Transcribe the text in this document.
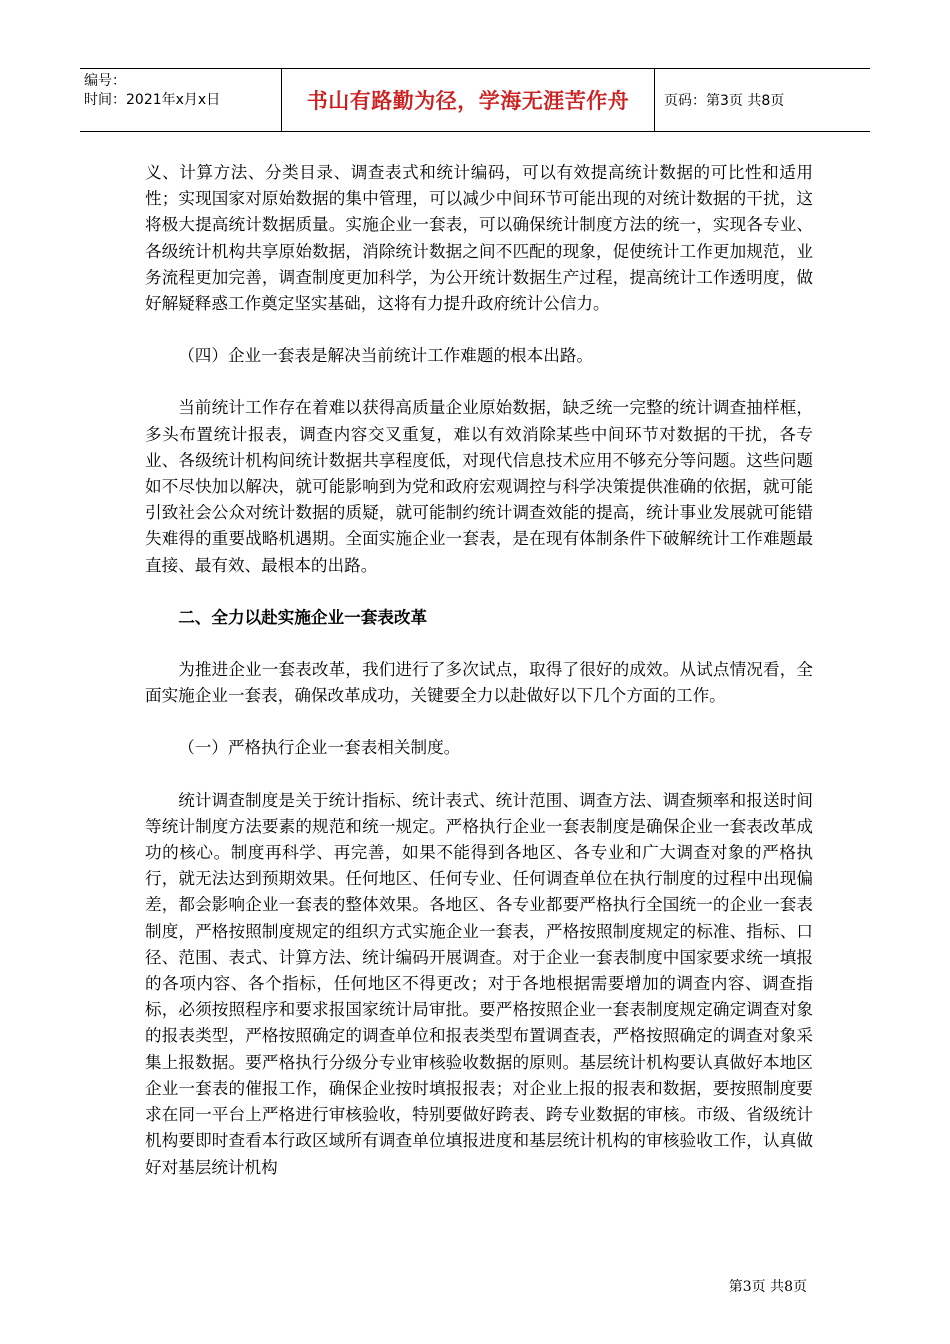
编号：
时间：2021年x月x日	书山有路勤为径，学海无涯苦作舟	页码：第3页 共8页

义、计算方法、分类目录、调查表式和统计编码，可以有效提高统计数据的可比性和适用性；实现国家对原始数据的集中管理，可以减少中间环节可能出现的对统计数据的干扰，这将极大提高统计数据质量。实施企业一套表，可以确保统计制度方法的统一，实现各专业、各级统计机构共享原始数据，消除统计数据之间不匹配的现象，促使统计工作更加规范，业务流程更加完善，调查制度更加科学，为公开统计数据生产过程，提高统计工作透明度，做好解疑释惑工作奠定坚实基础，这将有力提升政府统计公信力。

（四）企业一套表是解决当前统计工作难题的根本出路。

当前统计工作存在着难以获得高质量企业原始数据，缺乏统一完整的统计调查抽样框，多头布置统计报表，调查内容交叉重复，难以有效消除某些中间环节对数据的干扰，各专业、各级统计机构间统计数据共享程度低，对现代信息技术应用不够充分等问题。这些问题如不尽快加以解决，就可能影响到为党和政府宏观调控与科学决策提供准确的依据，就可能引致社会公众对统计数据的质疑，就可能制约统计调查效能的提高，统计事业发展就可能错失难得的重要战略机遇期。全面实施企业一套表，是在现有体制条件下破解统计工作难题最直接、最有效、最根本的出路。

二、全力以赴实施企业一套表改革

为推进企业一套表改革，我们进行了多次试点，取得了很好的成效。从试点情况看，全面实施企业一套表，确保改革成功，关键要全力以赴做好以下几个方面的工作。

（一）严格执行企业一套表相关制度。

统计调查制度是关于统计指标、统计表式、统计范围、调查方法、调查频率和报送时间等统计制度方法要素的规范和统一规定。严格执行企业一套表制度是确保企业一套表改革成功的核心。制度再科学、再完善，如果不能得到各地区、各专业和广大调查对象的严格执行，就无法达到预期效果。任何地区、任何专业、任何调查单位在执行制度的过程中出现偏差，都会影响企业一套表的整体效果。各地区、各专业都要严格执行全国统一的企业一套表制度，严格按照制度规定的组织方式实施企业一套表，严格按照制度规定的标准、指标、口径、范围、表式、计算方法、统计编码开展调查。对于企业一套表制度中国家要求统一填报的各项内容、各个指标，任何地区不得更改；对于各地根据需要增加的调查内容、调查指标，必须按照程序和要求报国家统计局审批。要严格按照企业一套表制度规定确定调查对象的报表类型，严格按照确定的调查单位和报表类型布置调查表，严格按照确定的调查对象采集上报数据。要严格执行分级分专业审核验收数据的原则。基层统计机构要认真做好本地区企业一套表的催报工作，确保企业按时填报报表；对企业上报的报表和数据，要按照制度要求在同一平台上严格进行审核验收，特别要做好跨表、跨专业数据的审核。市级、省级统计机构要即时查看本行政区域所有调查单位填报进度和基层统计机构的审核验收工作，认真做好对基层统计机构

第3页 共8页
